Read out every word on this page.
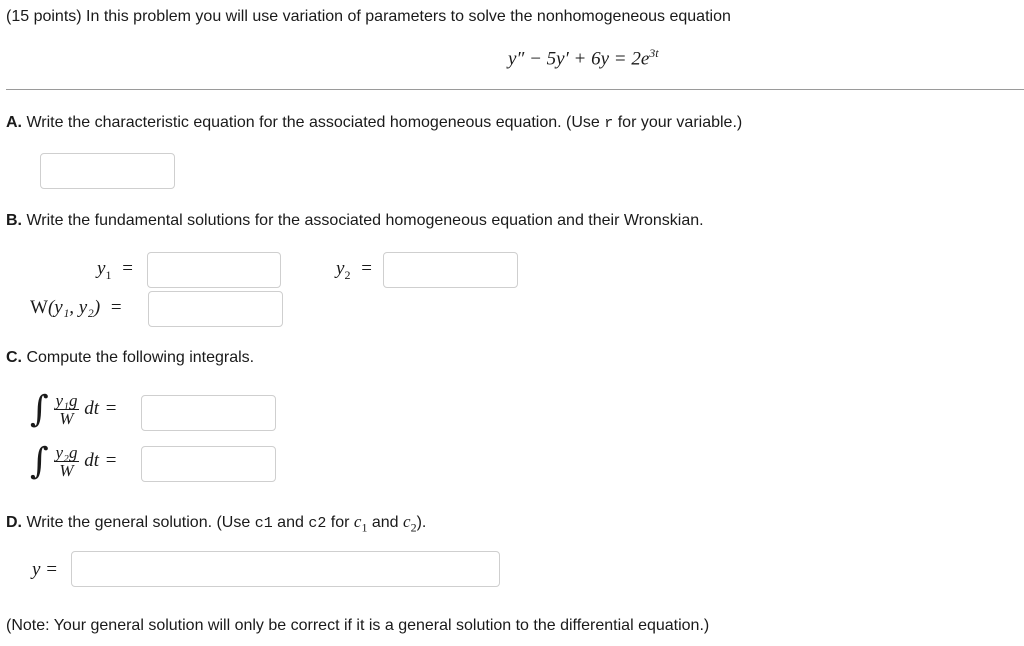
(15 points) In this problem you will use variation of parameters to solve the nonhomogeneous equation
$y'' - 5y' + 6y = 2e^{3t}$
A. Write the characteristic equation for the associated homogeneous equation. (Use r for your variable.)
B. Write the fundamental solutions for the associated homogeneous equation and their Wronskian.
$y_1$ =	$y_2$ =
W(y₁, y₂) =
C. Compute the following integrals.
∫ $\frac{\text{y₁g}}{W}$ dt =
∫ $\frac{\text{y₂g}}{W}$ dt =
D. Write the general solution. (Use c1 and c2 for $c_1$ and $c_2$).
y =
(Note: Your general solution will only be correct if it is a general solution to the differential equation.)
